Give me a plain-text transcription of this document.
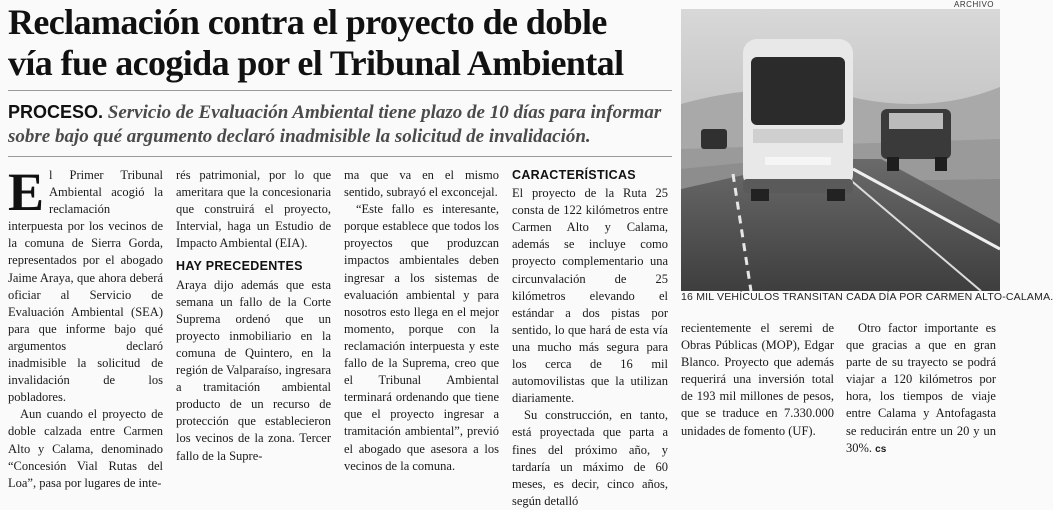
Reclamación contra el proyecto de doble
vía fue acogida por el Tribunal Ambiental
PROCESO. Servicio de Evaluación Ambiental tiene plazo de 10 días para informar sobre bajo qué argumento declaró inadmisible la solicitud de invalidación.

El Primer Tribunal Ambiental acogió la reclamación interpuesta por los vecinos de la comuna de Sierra Gorda, representados por el abogado Jaime Araya, que ahora deberá oficiar al Servicio de Evaluación Ambiental (SEA) para que informe bajo qué argumentos declaró inadmisible la solicitud de invalidación de los pobladores.

Aun cuando el proyecto de doble calzada entre Carmen Alto y Calama, denominado “Concesión Vial Rutas del Loa”, pasa por lugares de inte-

rés patrimonial, por lo que ameritara que la concesionaria que construirá el proyecto, Intervial, haga un Estudio de Impacto Ambiental (EIA).

HAY PRECEDENTES

Araya dijo además que esta semana un fallo de la Corte Suprema ordenó que un proyecto inmobiliario en la comuna de Quintero, en la región de Valparaíso, ingresara a tramitación ambiental producto de un recurso de protección que establecieron los vecinos de la zona. Tercer fallo de la Supre-

ma que va en el mismo sentido, subrayó el exconcejal.

“Este fallo es interesante, porque establece que todos los proyectos que produzcan impactos ambientales deben ingresar a los sistemas de evaluación ambiental y para nosotros esto llega en el mejor momento, porque con la reclamación interpuesta y este fallo de la Suprema, creo que el Tribunal Ambiental terminará ordenando que tiene que el proyecto ingresar a tramitación ambiental”, previó el abogado que asesora a los vecinos de la comuna.

CARACTERÍSTICAS

El proyecto de la Ruta 25 consta de 122 kilómetros entre Carmen Alto y Calama, además se incluye como proyecto complementario una circunvalación de 25 kilómetros elevando el estándar a dos pistas por sentido, lo que hará de esta vía una mucho más segura para los cerca de 16 mil automovilistas que la utilizan diariamente.

Su construcción, en tanto, está proyectada que parta a fines del próximo año, y tardaría un máximo de 60 meses, es decir, cinco años, según detalló

ARCHIVO
16 MIL VEHÍCULOS TRANSITAN CADA DÍA POR CARMEN ALTO-CALAMA.

recientemente el seremi de Obras Públicas (MOP), Edgar Blanco. Proyecto que además requerirá una inversión total de 193 mil millones de pesos, que se traduce en 7.330.000 unidades de fomento (UF).

Otro factor importante es que gracias a que en gran parte de su trayecto se podrá viajar a 120 kilómetros por hora, los tiempos de viaje entre Calama y Antofagasta se reducirán entre un 20 y un 30%. cs
